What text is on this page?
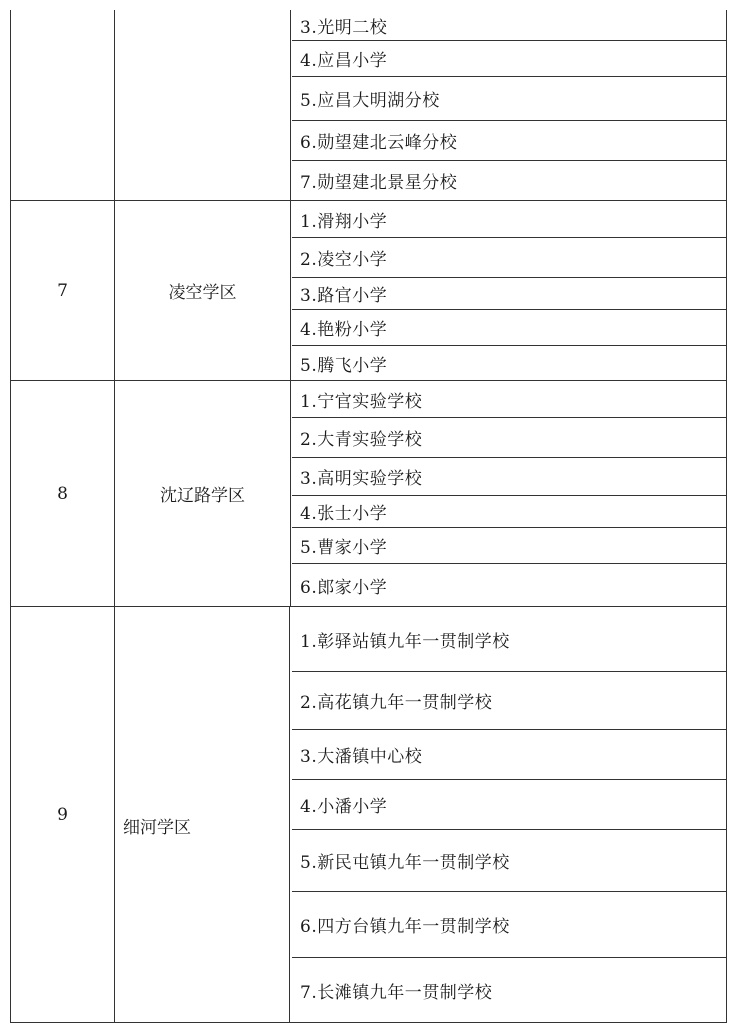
3.光明二校
4.应昌小学
5.应昌大明湖分校
6.勋望建北云峰分校
7.勋望建北景星分校
7	凌空学区
1.滑翔小学
2.凌空小学
3.路官小学
4.艳粉小学
5.腾飞小学
8	沈辽路学区
1.宁官实验学校
2.大青实验学校
3.高明实验学校
4.张士小学
5.曹家小学
6.郎家小学
9
细河学区
1.彰驿站镇九年一贯制学校
2.高花镇九年一贯制学校
3.大潘镇中心校
4.小潘小学
5.新民屯镇九年一贯制学校
6.四方台镇九年一贯制学校
7.长滩镇九年一贯制学校
